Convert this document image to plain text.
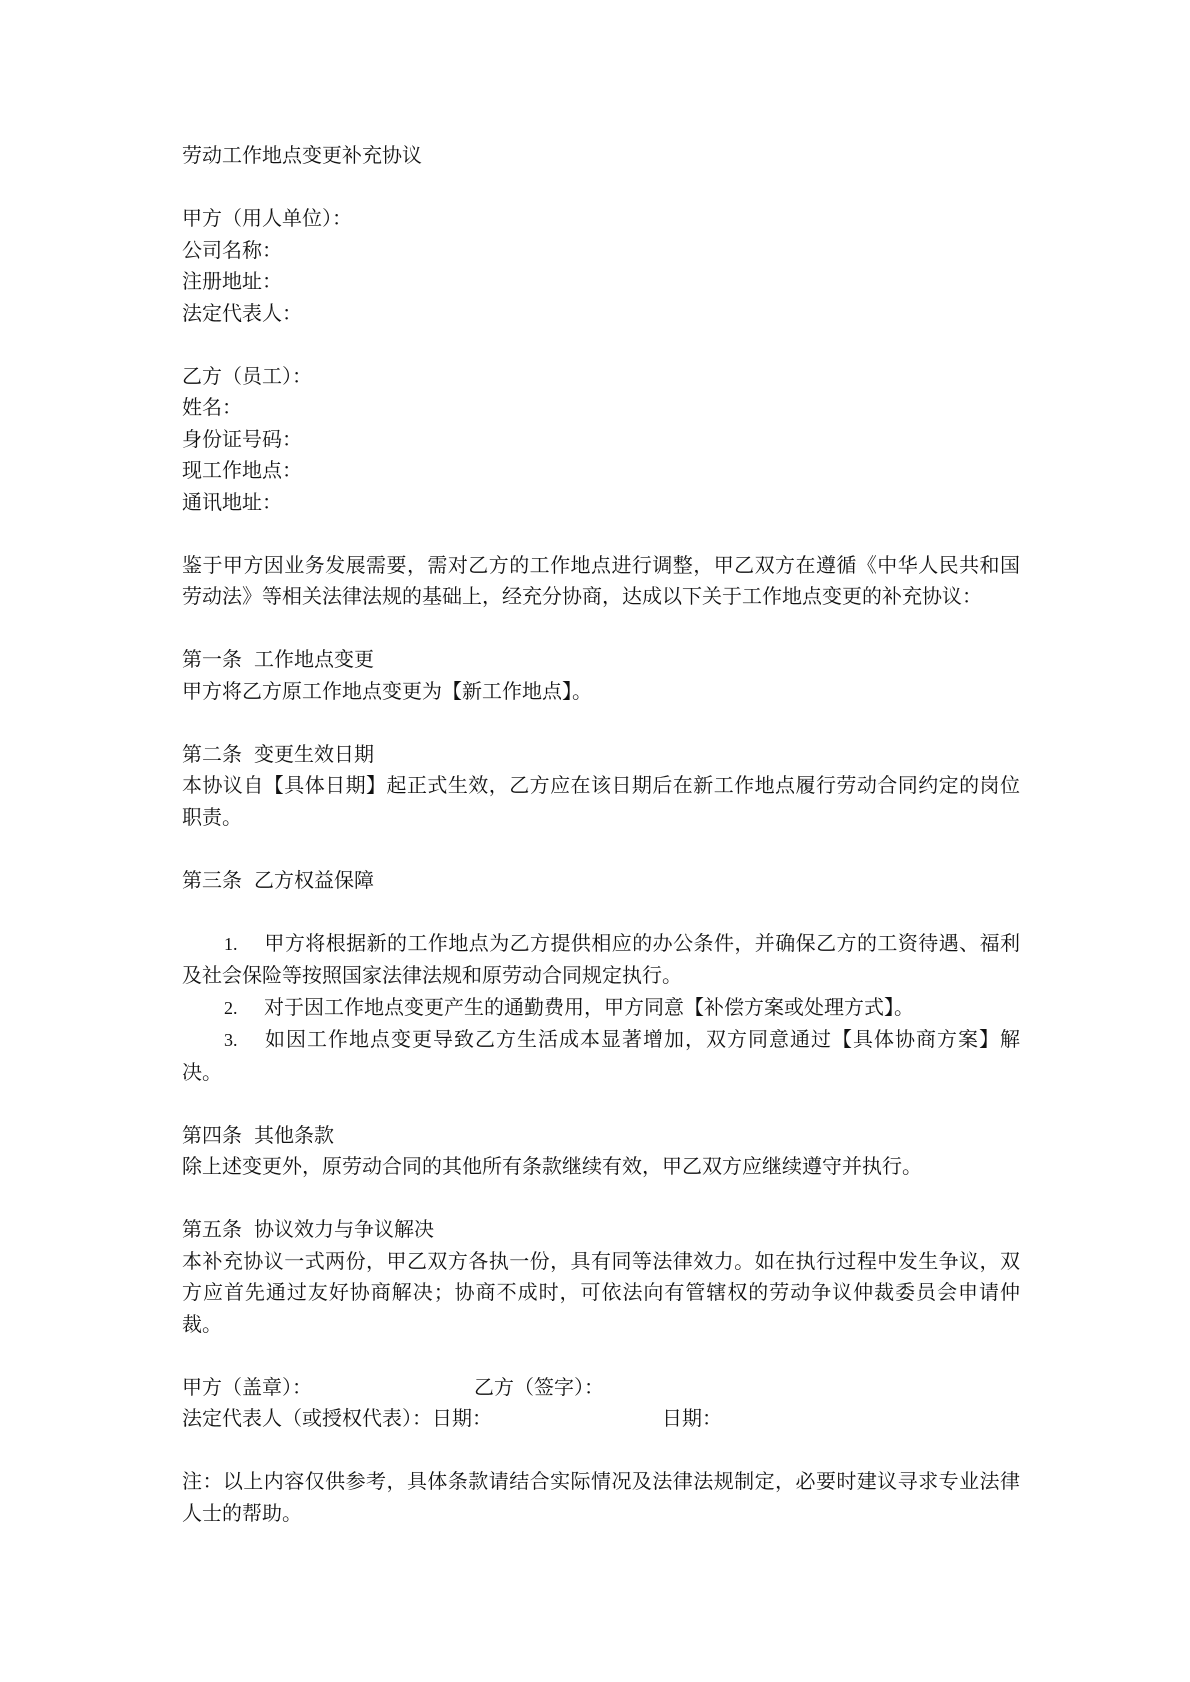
劳动工作地点变更补充协议
甲方（用人单位）：
公司名称：
注册地址：
法定代表人：
乙方（员工）：
姓名：
身份证号码：
现工作地点：
通讯地址：
鉴于甲方因业务发展需要，需对乙方的工作地点进行调整，甲乙双方在遵循《中华人民共和国劳动法》等相关法律法规的基础上，经充分协商，达成以下关于工作地点变更的补充协议：
第一条 工作地点变更
甲方将乙方原工作地点变更为【新工作地点】。
第二条 变更生效日期
本协议自【具体日期】起正式生效，乙方应在该日期后在新工作地点履行劳动合同约定的岗位职责。
第三条 乙方权益保障
1. 甲方将根据新的工作地点为乙方提供相应的办公条件，并确保乙方的工资待遇、福利及社会保险等按照国家法律法规和原劳动合同规定执行。
2. 对于因工作地点变更产生的通勤费用，甲方同意【补偿方案或处理方式】。
3. 如因工作地点变更导致乙方生活成本显著增加，双方同意通过【具体协商方案】解决。
第四条 其他条款
除上述变更外，原劳动合同的其他所有条款继续有效，甲乙双方应继续遵守并执行。
第五条 协议效力与争议解决
本补充协议一式两份，甲乙双方各执一份，具有同等法律效力。如在执行过程中发生争议，双方应首先通过友好协商解决；协商不成时，可依法向有管辖权的劳动争议仲裁委员会申请仲裁。
甲方（盖章）：	乙方（签字）：
法定代表人（或授权代表）： 日期：	日期：
注：以上内容仅供参考，具体条款请结合实际情况及法律法规制定，必要时建议寻求专业法律人士的帮助。
